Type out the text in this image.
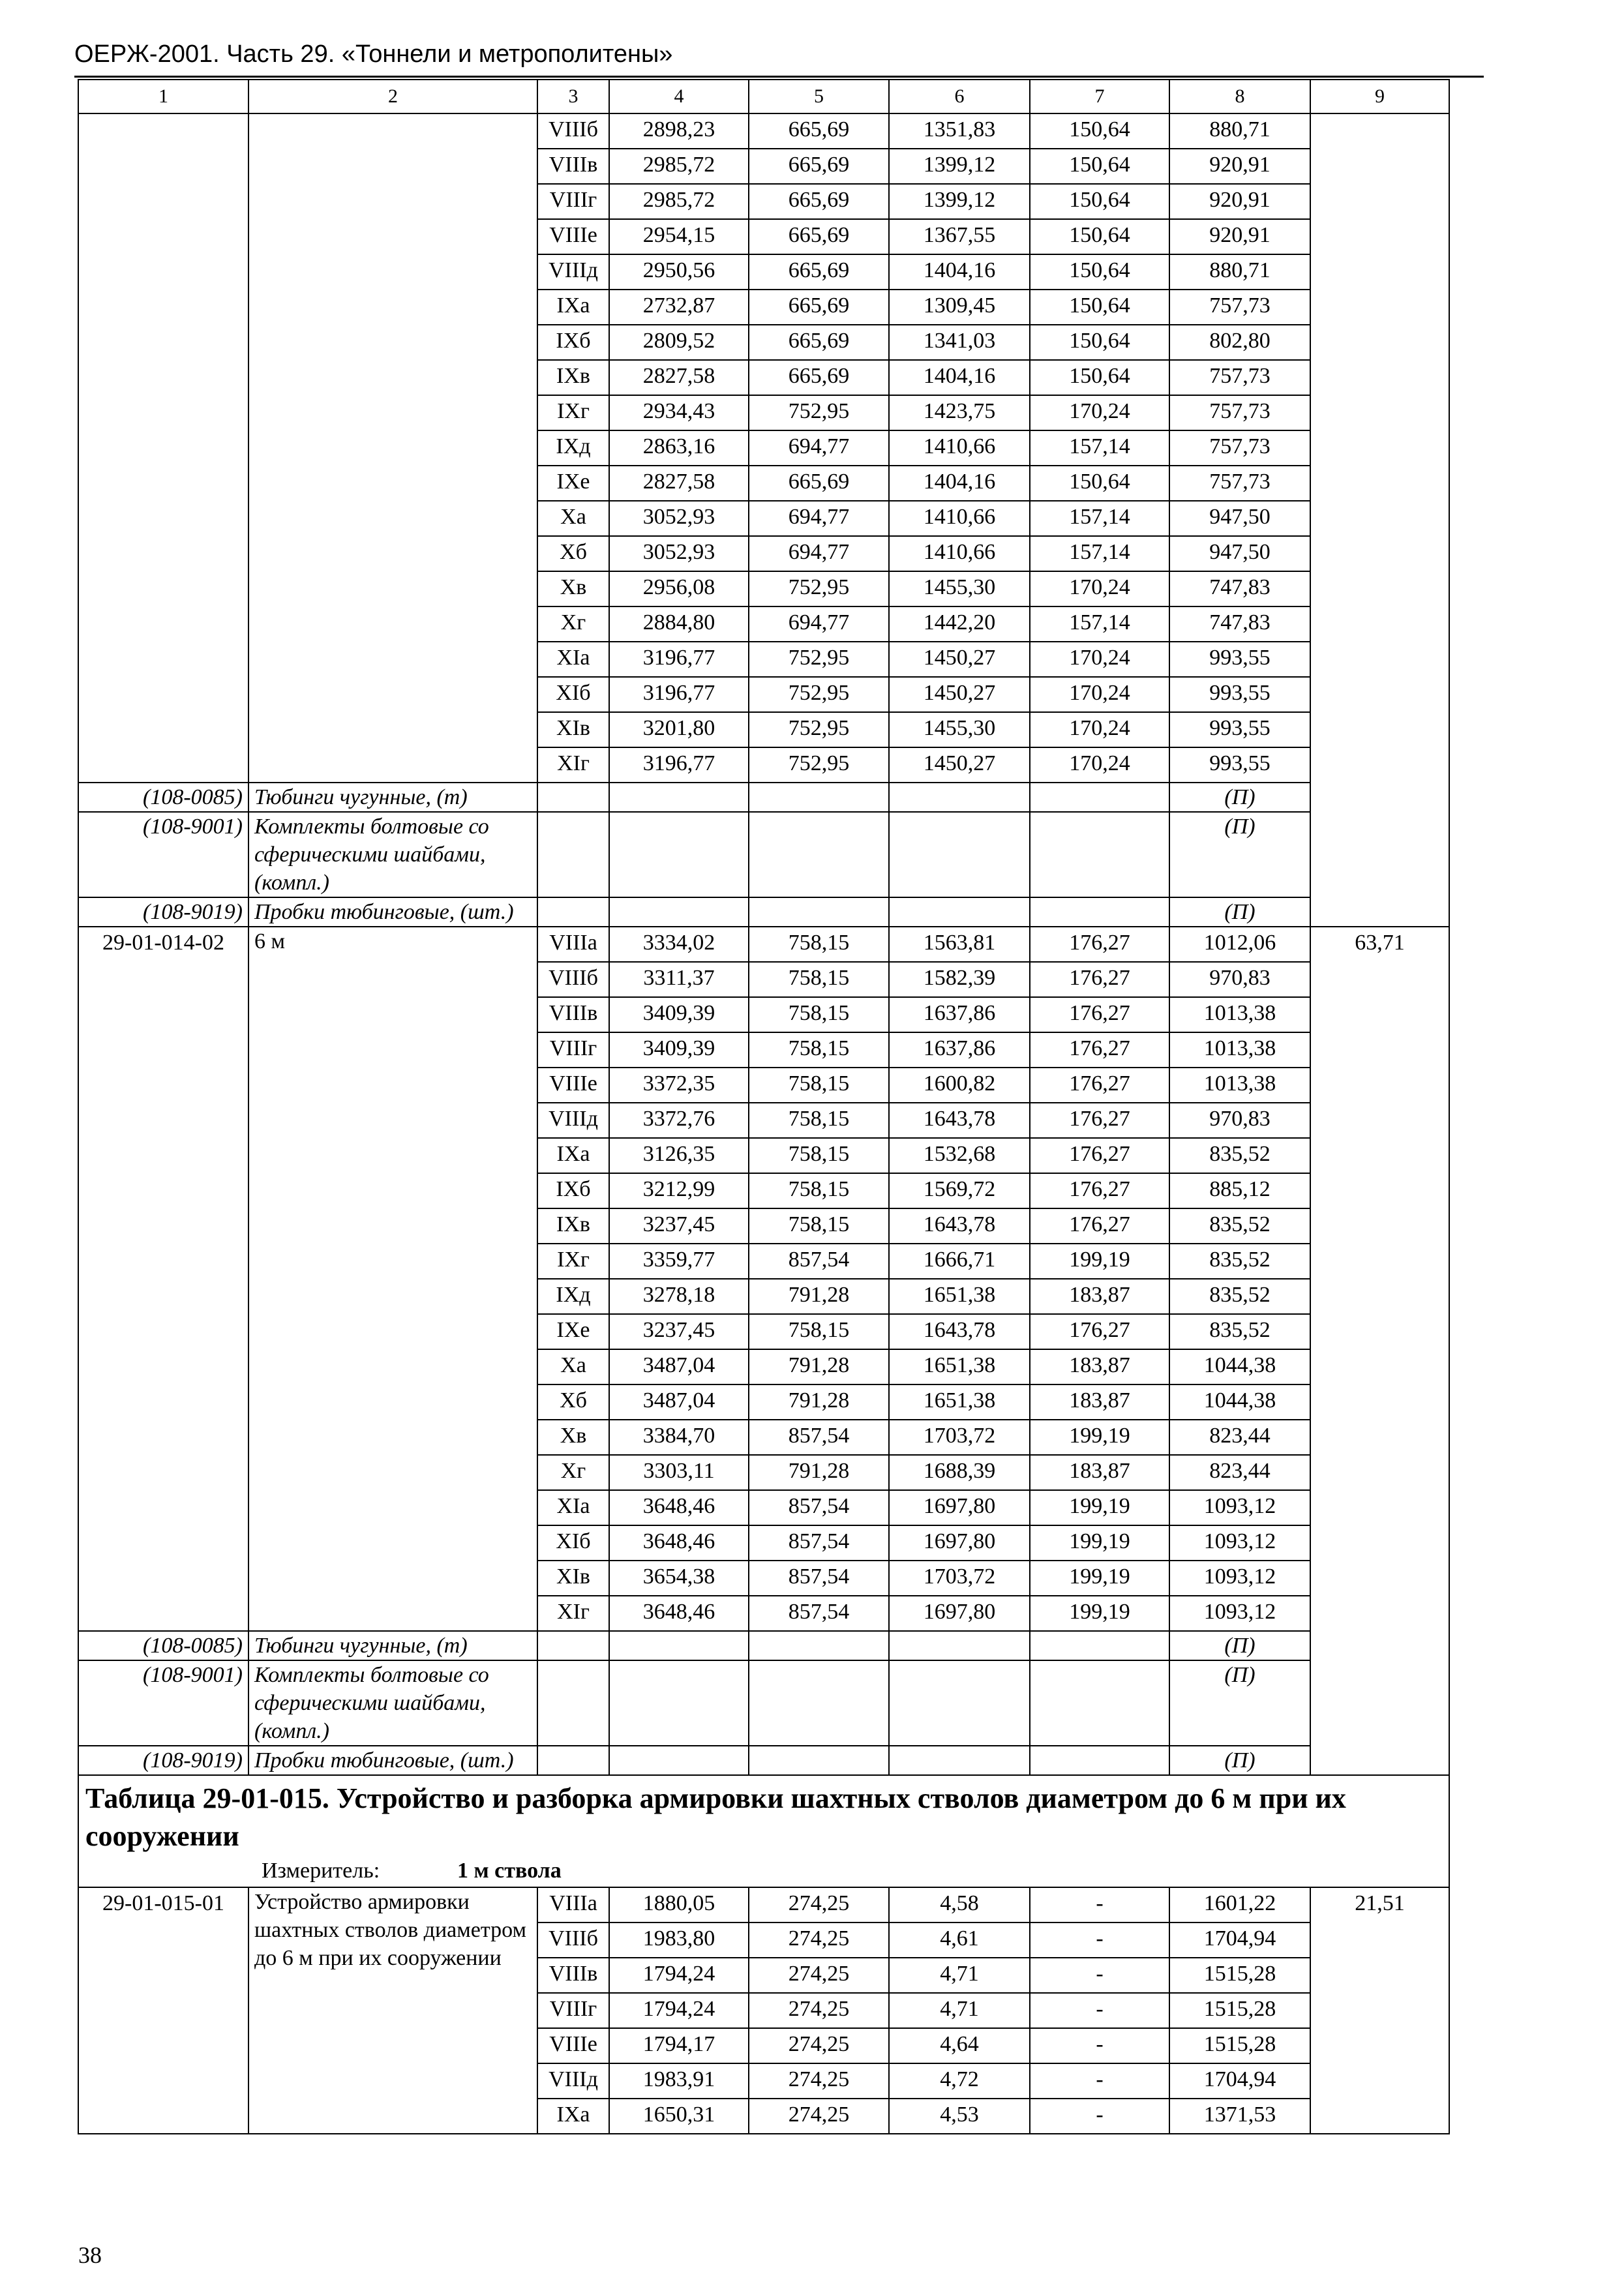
ОЕРЖ-2001. Часть 29. «Тоннели и метрополитены»
1	2	3	4	5	6	7	8	9
		VIIIб	2898,23	665,69	1351,83	150,64	880,71	
		VIIIв	2985,72	665,69	1399,12	150,64	920,91	
		VIIIг	2985,72	665,69	1399,12	150,64	920,91	
		VIIIе	2954,15	665,69	1367,55	150,64	920,91	
		VIIIд	2950,56	665,69	1404,16	150,64	880,71	
		IXа	2732,87	665,69	1309,45	150,64	757,73	
		IXб	2809,52	665,69	1341,03	150,64	802,80	
		IXв	2827,58	665,69	1404,16	150,64	757,73	
		IXг	2934,43	752,95	1423,75	170,24	757,73	
		IXд	2863,16	694,77	1410,66	157,14	757,73	
		IXе	2827,58	665,69	1404,16	150,64	757,73	
		Xа	3052,93	694,77	1410,66	157,14	947,50	
		Xб	3052,93	694,77	1410,66	157,14	947,50	
		Xв	2956,08	752,95	1455,30	170,24	747,83	
		Xг	2884,80	694,77	1442,20	157,14	747,83	
		XIа	3196,77	752,95	1450,27	170,24	993,55	
		XIб	3196,77	752,95	1450,27	170,24	993,55	
		XIв	3201,80	752,95	1455,30	170,24	993,55	
		XIг	3196,77	752,95	1450,27	170,24	993,55	
(108-0085)	Тюбинги чугунные, (т)						(П)	
(108-9001)	Комплекты болтовые со сферическими шайбами, (компл.)						(П)	
(108-9019)	Пробки тюбинговые, (шт.)						(П)	
29-01-014-02	6 м	VIIIа	3334,02	758,15	1563,81	176,27	1012,06	63,71
		VIIIб	3311,37	758,15	1582,39	176,27	970,83	
		VIIIв	3409,39	758,15	1637,86	176,27	1013,38	
		VIIIг	3409,39	758,15	1637,86	176,27	1013,38	
		VIIIе	3372,35	758,15	1600,82	176,27	1013,38	
		VIIIд	3372,76	758,15	1643,78	176,27	970,83	
		IXа	3126,35	758,15	1532,68	176,27	835,52	
		IXб	3212,99	758,15	1569,72	176,27	885,12	
		IXв	3237,45	758,15	1643,78	176,27	835,52	
		IXг	3359,77	857,54	1666,71	199,19	835,52	
		IXд	3278,18	791,28	1651,38	183,87	835,52	
		IXе	3237,45	758,15	1643,78	176,27	835,52	
		Xа	3487,04	791,28	1651,38	183,87	1044,38	
		Xб	3487,04	791,28	1651,38	183,87	1044,38	
		Xв	3384,70	857,54	1703,72	199,19	823,44	
		Xг	3303,11	791,28	1688,39	183,87	823,44	
		XIа	3648,46	857,54	1697,80	199,19	1093,12	
		XIб	3648,46	857,54	1697,80	199,19	1093,12	
		XIв	3654,38	857,54	1703,72	199,19	1093,12	
		XIг	3648,46	857,54	1697,80	199,19	1093,12	
(108-0085)	Тюбинги чугунные, (т)						(П)	
(108-9001)	Комплекты болтовые со сферическими шайбами, (компл.)						(П)	
(108-9019)	Пробки тюбинговые, (шт.)						(П)	
Таблица 29-01-015. Устройство и разборка армировки шахтных стволов диаметром до 6 м при их сооружении								
Измеритель: 1 м ствола								
29-01-015-01	Устройство армировки шахтных стволов диаметром до 6 м при их сооружении	VIIIа	1880,05	274,25	4,58	-	1601,22	21,51
		VIIIб	1983,80	274,25	4,61	-	1704,94	
		VIIIв	1794,24	274,25	4,71	-	1515,28	
		VIIIг	1794,24	274,25	4,71	-	1515,28	
		VIIIе	1794,17	274,25	4,64	-	1515,28	
		VIIIд	1983,91	274,25	4,72	-	1704,94	
		IXа	1650,31	274,25	4,53	-	1371,53	
38
